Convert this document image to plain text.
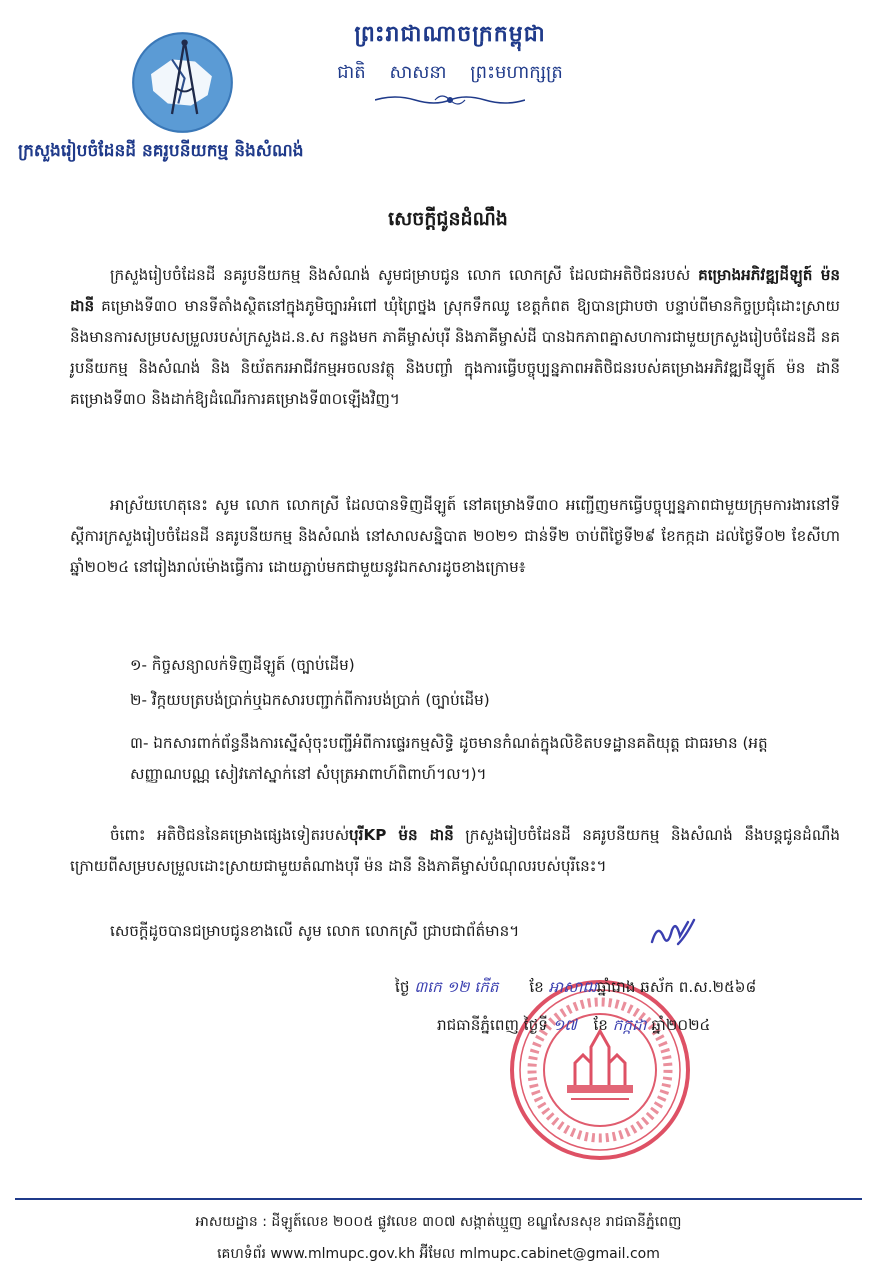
ព្រះរាជាណាចក្រកម្ពុជា
ជាតិ សាសនា ព្រះមហាក្សត្រ
ក្រសួងរៀបចំដែនដី នគរូបនីយកម្ម និងសំណង់
សេចក្តីជូនដំណឹង
ក្រសួងរៀបចំដែនដី នគរូបនីយកម្ម និងសំណង់ សូមជម្រាបជូន លោក លោកស្រី ដែលជាអតិថិជនរបស់ គម្រោងអភិវឌ្ឍដីឡូត៍ ម៉ន ដានី គម្រោងទី៣០ មានទីតាំងស្ថិតនៅក្នុងភូមិច្បារអំពៅ ឃុំព្រៃថ្នង ស្រុកទឹកឈូ ខេត្តកំពត ឱ្យបានជ្រាបថា បន្ទាប់ពីមានកិច្ចប្រជុំដោះស្រាយនិងមានការសម្របសម្រួលរបស់ក្រសួងដ.ន.ស កន្លងមក ភាគីម្ចាស់បុរី និងភាគីម្ចាស់ដី បានឯកភាពគ្នាសហការជាមួយក្រសួងរៀបចំដែនដី នគរូបនីយកម្ម និងសំណង់ និង និយ័តករអាជីវកម្មអចលនវត្ថុ និងបញ្ចាំ ក្នុងការធ្វើបច្ចុប្បន្នភាពអតិថិជនរបស់គម្រោងអភិវឌ្ឍដីឡូត៍ ម៉ន ដានី គម្រោងទី៣០ និងដាក់ឱ្យដំណើរការគម្រោងទី៣០ឡើងវិញ។
អាស្រ័យហេតុនេះ សូម លោក លោកស្រី ដែលបានទិញដីឡូត៍ នៅគម្រោងទី៣០ អញ្ជើញមកធ្វើបច្ចុប្បន្នភាពជាមួយក្រុមការងារនៅទីស្តីការក្រសួងរៀបចំដែនដី នគរូបនីយកម្ម និងសំណង់ នៅសាលសន្និបាត ២០២១ ជាន់ទី២ ចាប់ពីថ្ងៃទី២៩ ខែកក្កដា ដល់ថ្ងៃទី០២ ខែសីហា ឆ្នាំ២០២៤ នៅរៀងរាល់ម៉ោងធ្វើការ ដោយភ្ជាប់មកជាមួយនូវឯកសារដូចខាងក្រោម៖
១- កិច្ចសន្យាលក់ទិញដីឡូត៍ (ច្បាប់ដើម)
២- វិក្កយបត្របង់ប្រាក់ឬឯកសារបញ្ជាក់ពីការបង់ប្រាក់ (ច្បាប់ដើម)
៣- ឯកសារពាក់ព័ន្ធនឹងការស្នើសុំចុះបញ្ជីអំពីការផ្ទេរកម្មសិទ្ធិ ដូចមានកំណត់ក្នុងលិខិតបទដ្ឋានគតិយុត្ត ជាធរមាន (អត្តសញ្ញាណបណ្ណ សៀវភៅស្នាក់នៅ សំបុត្រអាពាហ៍ពិពាហ៍។ល។)។
ចំពោះ អតិថិជននៃគម្រោងផ្សេងទៀតរបស់បុរីKP ម៉ន ដានី ក្រសួងរៀបចំដែនដី នគរូបនីយកម្ម និងសំណង់ នឹងបន្តជូនដំណឹងក្រោយពីសម្របសម្រួលដោះស្រាយជាមួយតំណាងបុរី ម៉ន ដានី និងភាគីម្ចាស់បំណុលរបស់បុរីនេះ។
សេចក្តីដូចបានជម្រាបជូនខាងលើ សូម លោក លោកស្រី ជ្រាបជាព័ត៌មាន។
ថ្ងៃ ៣កេ ១២ កើត ខែ អាសាឍឆ្នាំរោង ឆស័ក ព.ស.២៥៦៨
រាជធានីភ្នំពេញ ថ្ងៃទី ១៧ ខែ កក្កដា ឆ្នាំ២០២៤
អាសយដ្ឋាន : ដីឡូត៍លេខ ២០០៥ ផ្លូវលេខ ៣០៧ សង្កាត់ឃ្មួញ ខណ្ឌសែនសុខ រាជធានីភ្នំពេញ
គេហទំព័រ www.mlmupc.gov.kh អ៊ីមែល mlmupc.cabinet@gmail.com
